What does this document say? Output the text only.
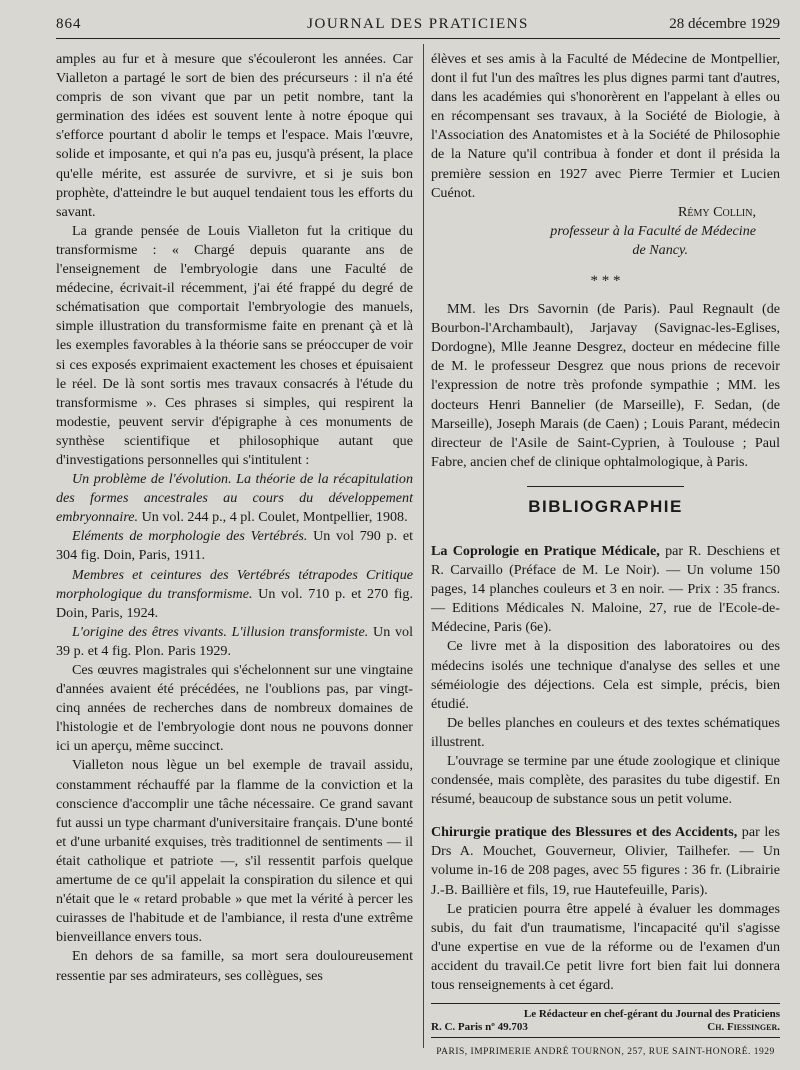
864	JOURNAL DES PRATICIENS	28 décembre 1929

amples au fur et à mesure que s'écouleront les années. Car Vialleton a partagé le sort de bien des précurseurs : il n'a été compris de son vivant que par un petit nombre, tant la germination des idées est souvent lente à notre époque qui s'efforce pourtant d abolir le temps et l'espace. Mais l'œuvre, solide et imposante, et qui n'a pas eu, jusqu'à présent, la place qu'elle mérite, est assurée de survivre, et si je suis bon prophète, d'atteindre le but auquel tendaient tous les efforts du savant.

La grande pensée de Louis Vialleton fut la critique du transformisme : « Chargé depuis quarante ans de l'enseignement de l'embryologie dans une Faculté de médecine, écrivait-il récemment, j'ai été frappé du degré de schématisation que comportait l'embryologie des manuels, simple illustration du transformisme faite en prenant çà et là les exemples favorables à la théorie sans se préoccuper de voir si ces exposés exprimaient exactement les choses et épuisaient le réel. De là sont sortis mes travaux consacrés à l'étude du transformisme ». Ces phrases si simples, qui respirent la modestie, peuvent servir d'épigraphe à ces monuments de synthèse scientifique et philosophique autant que d'investigations personnelles qui s'intitulent :

Un problème de l'évolution. La théorie de la récapitulation des formes ancestrales au cours du développement embryonnaire. Un vol. 244 p., 4 pl. Coulet, Montpellier, 1908.

Eléments de morphologie des Vertébrés. Un vol 790 p. et 304 fig. Doin, Paris, 1911.

Membres et ceintures des Vertébrés tétrapodes Critique morphologique du transformisme. Un vol. 710 p. et 270 fig. Doin, Paris, 1924.

L'origine des êtres vivants. L'illusion transformiste. Un vol 39 p. et 4 fig. Plon. Paris 1929.

Ces œuvres magistrales qui s'échelonnent sur une vingtaine d'années avaient été précédées, ne l'oublions pas, par vingt-cinq années de recherches dans de nombreux domaines de l'histologie et de l'embryologie dont nous ne pouvons donner ici un aperçu, même succinct.

Vialleton nous lègue un bel exemple de travail assidu, constamment réchauffé par la flamme de la conviction et la conscience d'accomplir une tâche nécessaire. Ce grand savant fut aussi un type charmant d'universitaire français. D'une bonté et d'une urbanité exquises, très traditionnel de sentiments — il était catholique et patriote —, s'il ressentit parfois quelque amertume de ce qu'il appelait la conspiration du silence et qui n'était que le « retard probable » que met la vérité à percer les cuirasses de l'habitude et de l'ambiance, il resta d'une extrême bienveillance envers tous.

En dehors de sa famille, sa mort sera douloureusement ressentie par ses admirateurs, ses collègues, ses

élèves et ses amis à la Faculté de Médecine de Montpellier, dont il fut l'un des maîtres les plus dignes parmi tant d'autres, dans les académies qui s'honorèrent en l'appelant à elles ou en récompensant ses travaux, à la Société de Biologie, à l'Association des Anatomistes et à la Société de Philosophie de la Nature qu'il contribua à fonder et dont il présida la première session en 1927 avec Pierre Termier et Lucien Cuénot.

Rémy Collin,
professeur à la Faculté de Médecine
de Nancy.
* * *

MM. les Drs Savornin (de Paris). Paul Regnault (de Bourbon-l'Archambault), Jarjavay (Savignac-les-Eglises, Dordogne), Mlle Jeanne Desgrez, docteur en médecine fille de M. le professeur Desgrez que nous prions de recevoir l'expression de notre très profonde sympathie ; MM. les docteurs Henri Bannelier (de Marseille), F. Sedan, (de Marseille), Joseph Marais (de Caen) ; Louis Parant, médecin directeur de l'Asile de Saint-Cyprien, à Toulouse ; Paul Fabre, ancien chef de clinique ophtalmologique, à Paris.

BIBLIOGRAPHIE

La Coprologie en Pratique Médicale, par R. Deschiens et R. Carvaillo (Préface de M. Le Noir). — Un volume 150 pages, 14 planches couleurs et 3 en noir. — Prix : 35 francs. — Editions Médicales N. Maloine, 27, rue de l'Ecole-de-Médecine, Paris (6e).

Ce livre met à la disposition des laboratoires ou des médecins isolés une technique d'analyse des selles et une séméiologie des déjections. Cela est simple, précis, bien étudié.

De belles planches en couleurs et des textes schématiques illustrent.

L'ouvrage se termine par une étude zoologique et clinique condensée, mais complète, des parasites du tube digestif. En résumé, beaucoup de substance sous un petit volume.

Chirurgie pratique des Blessures et des Accidents, par les Drs A. Mouchet, Gouverneur, Olivier, Tailhefer. — Un volume in-16 de 208 pages, avec 55 figures : 36 fr. (Librairie J.-B. Baillière et fils, 19, rue Hautefeuille, Paris).

Le praticien pourra être appelé à évaluer les dommages subis, du fait d'un traumatisme, l'incapacité qu'il s'agisse d'une expertise en vue de la réforme ou de l'examen d'un accident du travail.Ce petit livre fort bien fait lui donnera tous renseignements à cet égard.

Le Rédacteur en chef-gérant du Journal des Praticiens
R. C. Paris nº 49.703	Ch. Fiessinger.
PARIS, IMPRIMERIE ANDRÉ TOURNON, 257, RUE SAINT-HONORÉ. 1929
